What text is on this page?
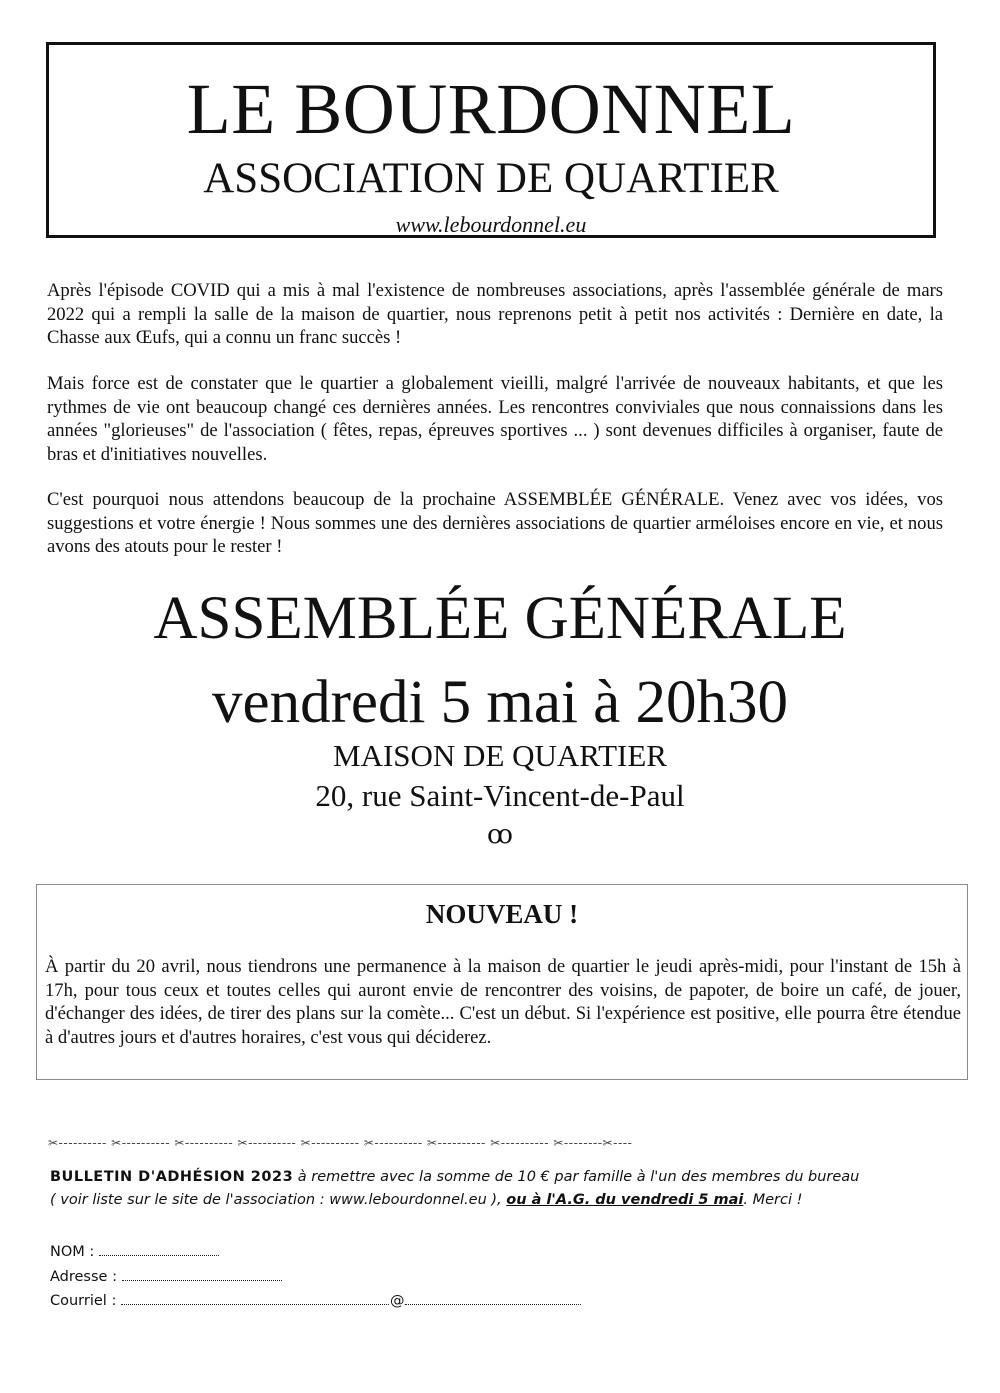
LE BOURDONNEL
ASSOCIATION DE QUARTIER
www.lebourdonnel.eu

Après l'épisode COVID qui a mis à mal l'existence de nombreuses associations, après l'assemblée générale de mars 2022 qui a rempli la salle de la maison de quartier, nous reprenons petit à petit nos activités : Dernière en date, la Chasse aux Œufs, qui a connu un franc succès !

Mais force est de constater que le quartier a globalement vieilli, malgré l'arrivée de nouveaux habitants, et que les rythmes de vie ont beaucoup changé ces dernières années. Les rencontres conviviales que nous connaissions dans les années "glorieuses" de l'association ( fêtes, repas, épreuves sportives ... ) sont devenues difficiles à organiser, faute de bras et d'initiatives nouvelles.

C'est pourquoi nous attendons beaucoup de la prochaine ASSEMBLÉE GÉNÉRALE. Venez avec vos idées, vos suggestions et votre énergie ! Nous sommes une des dernières associations de quartier arméloises encore en vie, et nous avons des atouts pour le rester !

ASSEMBLÉE GÉNÉRALE
vendredi 5 mai à 20h30
MAISON DE QUARTIER
20, rue Saint-Vincent-de-Paul
ꝏ
NOUVEAU !

À partir du 20 avril, nous tiendrons une permanence à la maison de quartier le jeudi après-midi, pour l'instant de 15h à 17h, pour tous ceux et toutes celles qui auront envie de rencontrer des voisins, de papoter, de boire un café, de jouer, d'échanger des idées, de tirer des plans sur la comète... C'est un début. Si l'expérience est positive, elle pourra être étendue à d'autres jours et d'autres horaires, c'est vous qui déciderez.

✂---------- ✂---------- ✂---------- ✂---------- ✂---------- ✂---------- ✂---------- ✂---------- ✂--------✂----
BULLETIN D'ADHÉSION 2023 à remettre avec la somme de 10 € par famille à l'un des membres du bureau
( voir liste sur le site de l'association : www.lebourdonnel.eu ), ou à l'A.G. du vendredi 5 mai. Merci !
NOM :
Adresse :
Courriel :	@
